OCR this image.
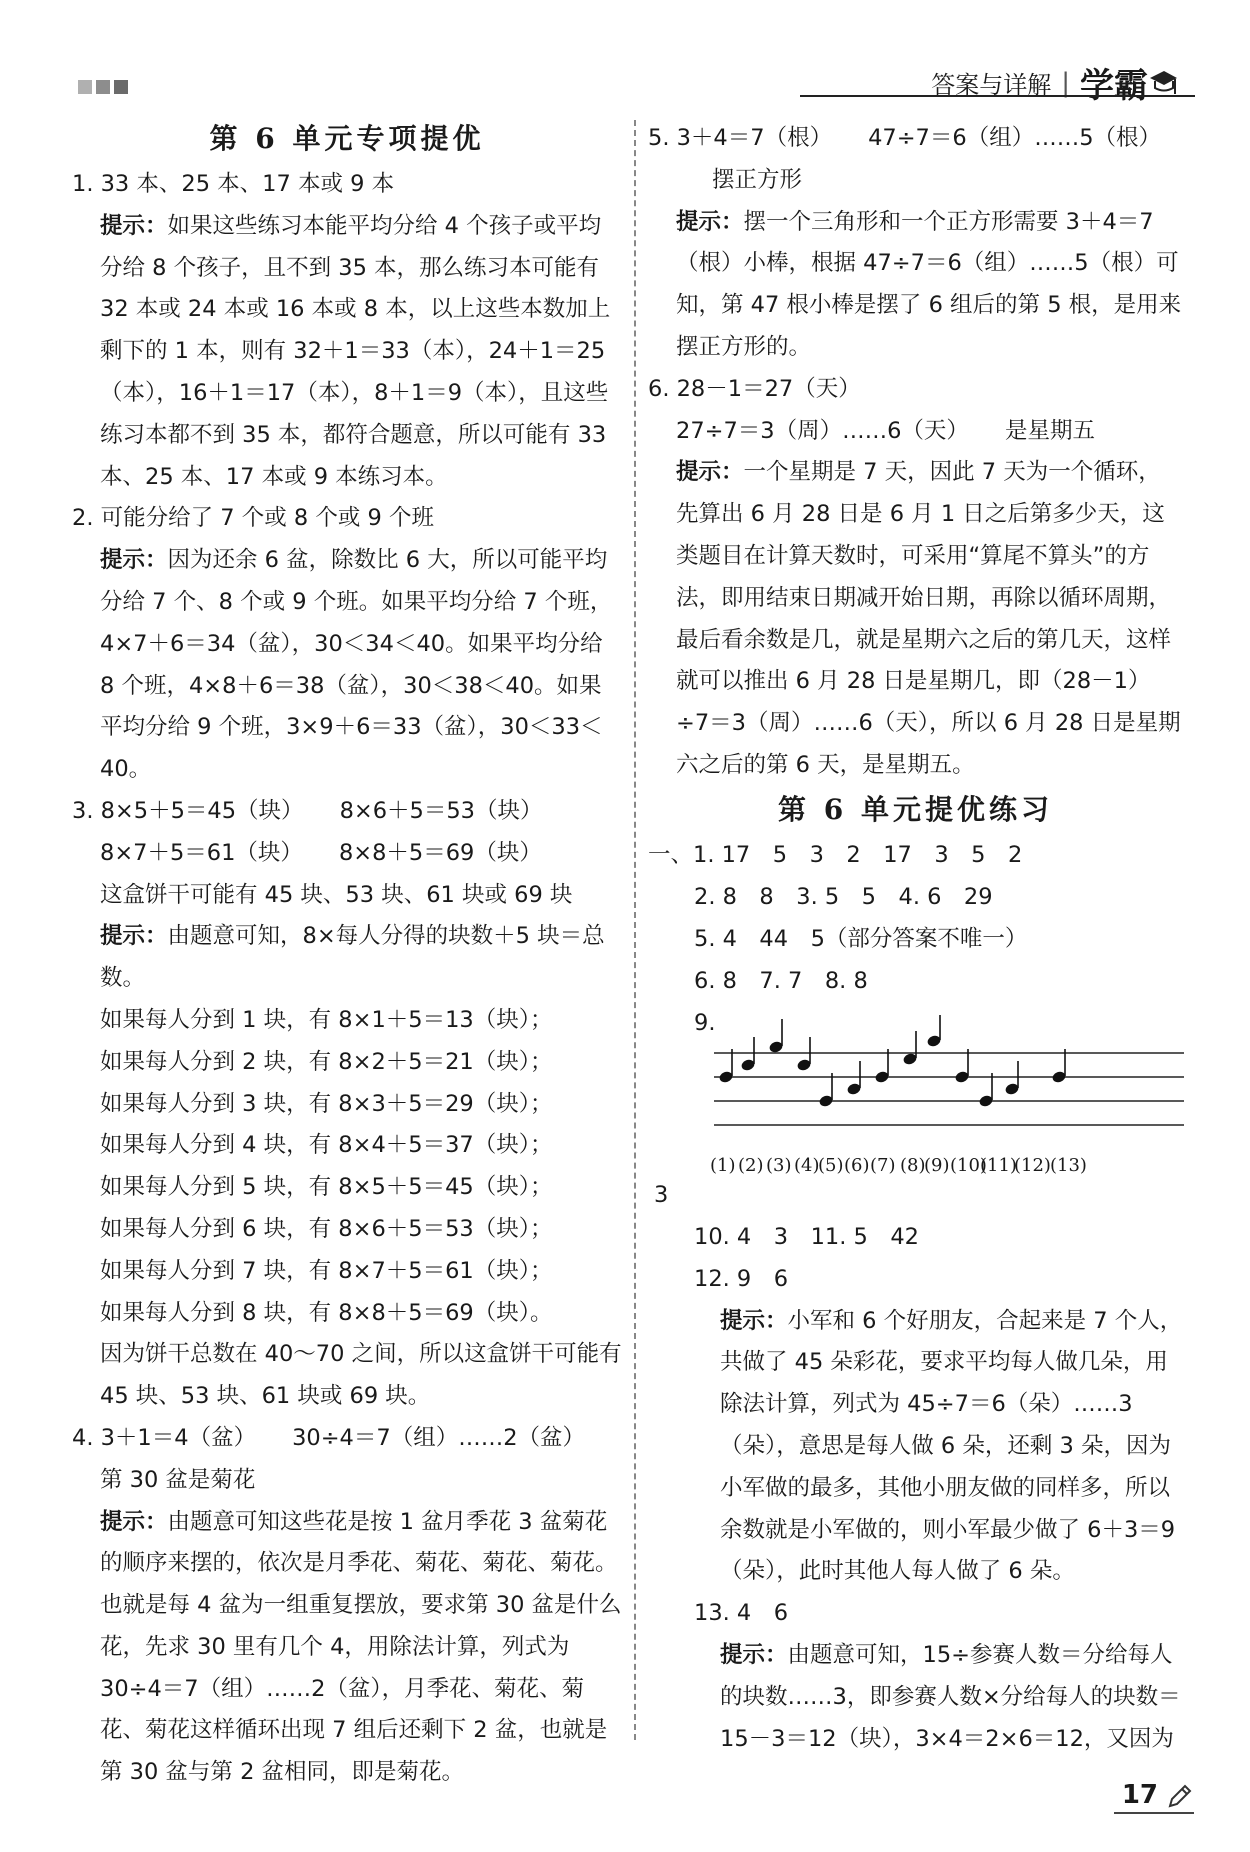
答案与详解 | 学霸
第 6 单元专项提优
1. 33 本、25 本、17 本或 9 本
提示：如果这些练习本能平均分给 4 个孩子或平均分给 8 个孩子，且不到 35 本，那么练习本可能有 32 本或 24 本或 16 本或 8 本，以上这些本数加上剩下的 1 本，则有 32＋1＝33（本），24＋1＝25（本），16＋1＝17（本），8＋1＝9（本），且这些练习本都不到 35 本，都符合题意，所以可能有 33 本、25 本、17 本或 9 本练习本。
2. 可能分给了 7 个或 8 个或 9 个班
提示：因为还余 6 盆，除数比 6 大，所以可能平均分给 7 个、8 个或 9 个班。如果平均分给 7 个班，4×7＋6＝34（盆），30＜34＜40。如果平均分给 8 个班，4×8＋6＝38（盆），30＜38＜40。如果平均分给 9 个班，3×9＋6＝33（盆），30＜33＜40。
3. 8×5＋5＝45（块） 8×6＋5＝53（块）
8×7＋5＝61（块） 8×8＋5＝69（块）
这盒饼干可能有 45 块、53 块、61 块或 69 块
提示：由题意可知，8×每人分得的块数＋5 块＝总数。
如果每人分到 1 块，有 8×1＋5＝13（块）；
如果每人分到 2 块，有 8×2＋5＝21（块）；
如果每人分到 3 块，有 8×3＋5＝29（块）；
如果每人分到 4 块，有 8×4＋5＝37（块）；
如果每人分到 5 块，有 8×5＋5＝45（块）；
如果每人分到 6 块，有 8×6＋5＝53（块）；
如果每人分到 7 块，有 8×7＋5＝61（块）；
如果每人分到 8 块，有 8×8＋5＝69（块）。
因为饼干总数在 40～70 之间，所以这盒饼干可能有 45 块、53 块、61 块或 69 块。
4. 3＋1＝4（盆） 30÷4＝7（组）……2（盆）第 30 盆是菊花
提示：由题意可知这些花是按 1 盆月季花 3 盆菊花的顺序来摆的，依次是月季花、菊花、菊花、菊花。也就是每 4 盆为一组重复摆放，要求第 30 盆是什么花，先求 30 里有几个 4，用除法计算，列式为 30÷4＝7（组）……2（盆），月季花、菊花、菊花、菊花这样循环出现 7 组后还剩下 2 盆，也就是第 30 盆与第 2 盆相同，即是菊花。
5. 3＋4＝7（根） 47÷7＝6（组）……5（根）摆正方形
提示：摆一个三角形和一个正方形需要 3＋4＝7（根）小棒，根据 47÷7＝6（组）……5（根）可知，第 47 根小棒是摆了 6 组后的第 5 根，是用来摆正方形的。
6. 28－1＝27（天）27÷7＝3（周）……6（天） 是星期五
提示：一个星期是 7 天，因此 7 天为一个循环，先算出 6 月 28 日是 6 月 1 日之后第多少天，这类题目在计算天数时，可采用“算尾不算头”的方法，即用结束日期减开始日期，再除以循环周期，最后看余数是几，就是星期六之后的第几天，这样就可以推出 6 月 28 日是星期几，即（28－1）÷7＝3（周）……6（天），所以 6 月 28 日是星期六之后的第 6 天，是星期五。
第 6 单元提优练习
一、1. 17　5　3　2　17　3　5　2
2. 8　8　3. 5　5　4. 6　29
5. 4　44　5（部分答案不唯一）
6. 8　7. 7　8. 8
9.
(1) (2) (3) (4)
(5) (6) (7) (8)
(9) (10)
(11)
(12) (13)
3
10. 4　3　11. 5　42
12. 9　6
提示：小军和 6 个好朋友，合起来是 7 个人，共做了 45 朵彩花，要求平均每人做几朵，用除法计算，列式为 45÷7＝6（朵）……3（朵），意思是每人做 6 朵，还剩 3 朵，因为小军做的最多，其他小朋友做的同样多，所以余数就是小军做的，则小军最少做了 6＋3＝9（朵），此时其他人每人做了 6 朵。
13. 4　6
提示：由题意可知，15÷参赛人数＝分给每人的块数……3，即参赛人数×分给每人的块数＝15－3＝12（块），3×4＝2×6＝12，又因为
17
